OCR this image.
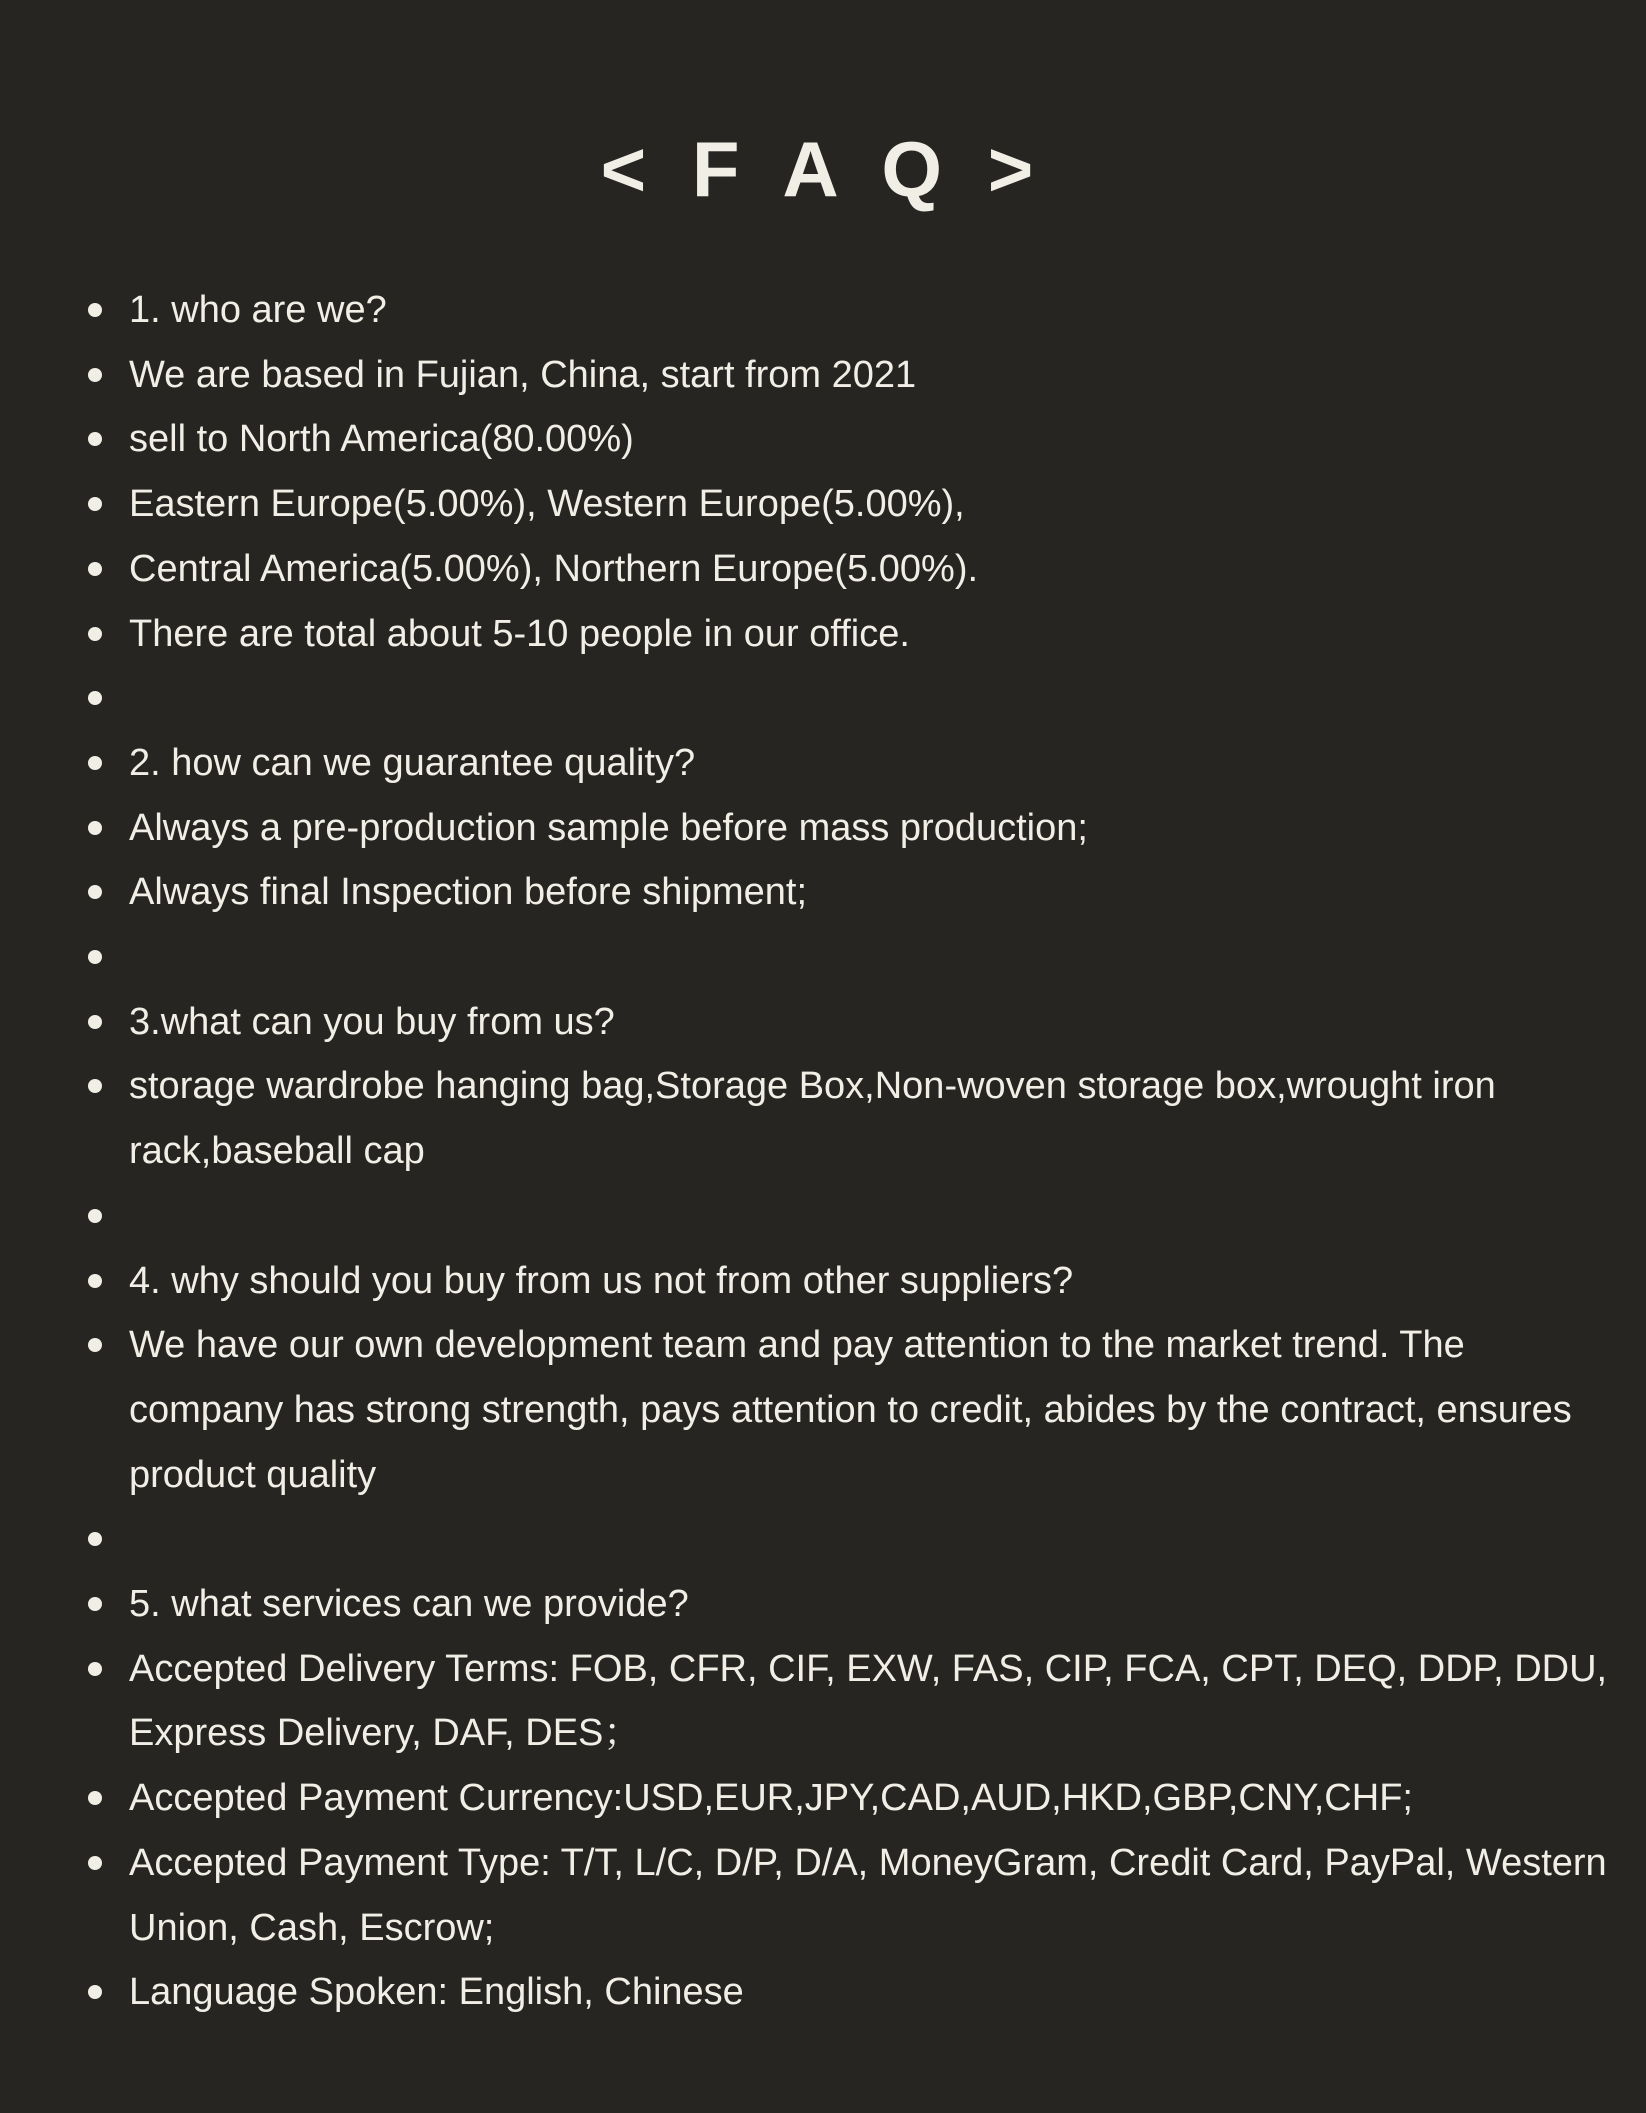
< F A Q >
1. who are we?
We are based in Fujian, China, start from 2021
sell to North America(80.00%)
Eastern Europe(5.00%), Western Europe(5.00%),
Central America(5.00%), Northern Europe(5.00%).
There are total about 5-10 people in our office.
2. how can we guarantee quality?
Always a pre-production sample before mass production;
Always final Inspection before shipment;
3.what can you buy from us?
storage wardrobe hanging bag,Storage Box,Non-woven storage box,wrought iron rack,baseball cap
4. why should you buy from us not from other suppliers?
We have our own development team and pay attention to the market trend. The company has strong strength, pays attention to credit, abides by the contract, ensures product quality
5. what services can we provide?
Accepted Delivery Terms: FOB, CFR, CIF, EXW, FAS, CIP, FCA, CPT, DEQ, DDP, DDU, Express Delivery, DAF, DES；
Accepted Payment Currency:USD,EUR,JPY,CAD,AUD,HKD,GBP,CNY,CHF;
Accepted Payment Type: T/T, L/C, D/P, D/A, MoneyGram, Credit Card, PayPal, Western Union, Cash, Escrow;
Language Spoken: English, Chinese
